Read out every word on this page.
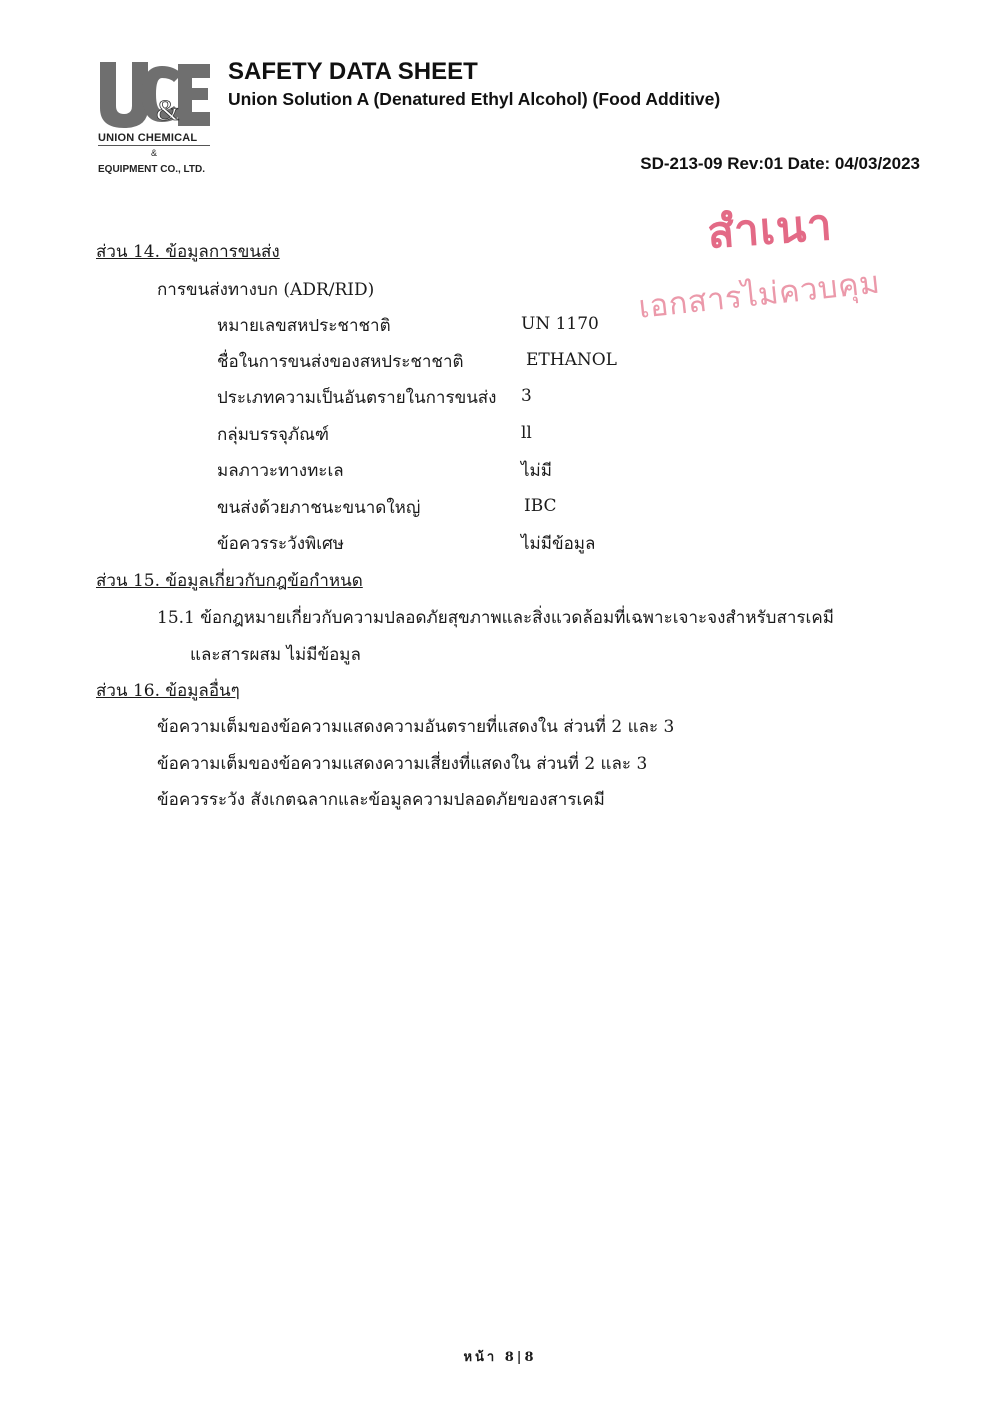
&
UNION CHEMICAL
&
EQUIPMENT CO., LTD.
SAFETY DATA SHEET
Union Solution A (Denatured Ethyl Alcohol) (Food Additive)
SD-213-09 Rev:01 Date: 04/03/2023
สำเนา
เอกสารไม่ควบคุม
ส่วน 14. ข้อมูลการขนส่ง
การขนส่งทางบก (ADR/RID)
หมายเลขสหประชาชาติ	UN 1170
ชื่อในการขนส่งของสหประชาชาติ	ETHANOL
ประเภทความเป็นอันตรายในการขนส่ง 3
กลุ่มบรรจุภัณฑ์	ll
มลภาวะทางทะเล	ไม่มี
ขนส่งด้วยภาชนะขนาดใหญ่	IBC
ข้อควรระวังพิเศษ	ไม่มีข้อมูล
ส่วน 15. ข้อมูลเกี่ยวกับกฎข้อกำหนด
15.1 ข้อกฎหมายเกี่ยวกับความปลอดภัยสุขภาพและสิ่งแวดล้อมที่เฉพาะเจาะจงสำหรับสารเคมี
และสารผสม ไม่มีข้อมูล
ส่วน 16. ข้อมูลอื่นๆ
ข้อความเต็มของข้อความแสดงความอันตรายที่แสดงใน ส่วนที่ 2 และ 3
ข้อความเต็มของข้อความแสดงความเสี่ยงที่แสดงใน ส่วนที่ 2 และ 3
ข้อควรระวัง สังเกตฉลากและข้อมูลความปลอดภัยของสารเคมี
หน้า 8|8
